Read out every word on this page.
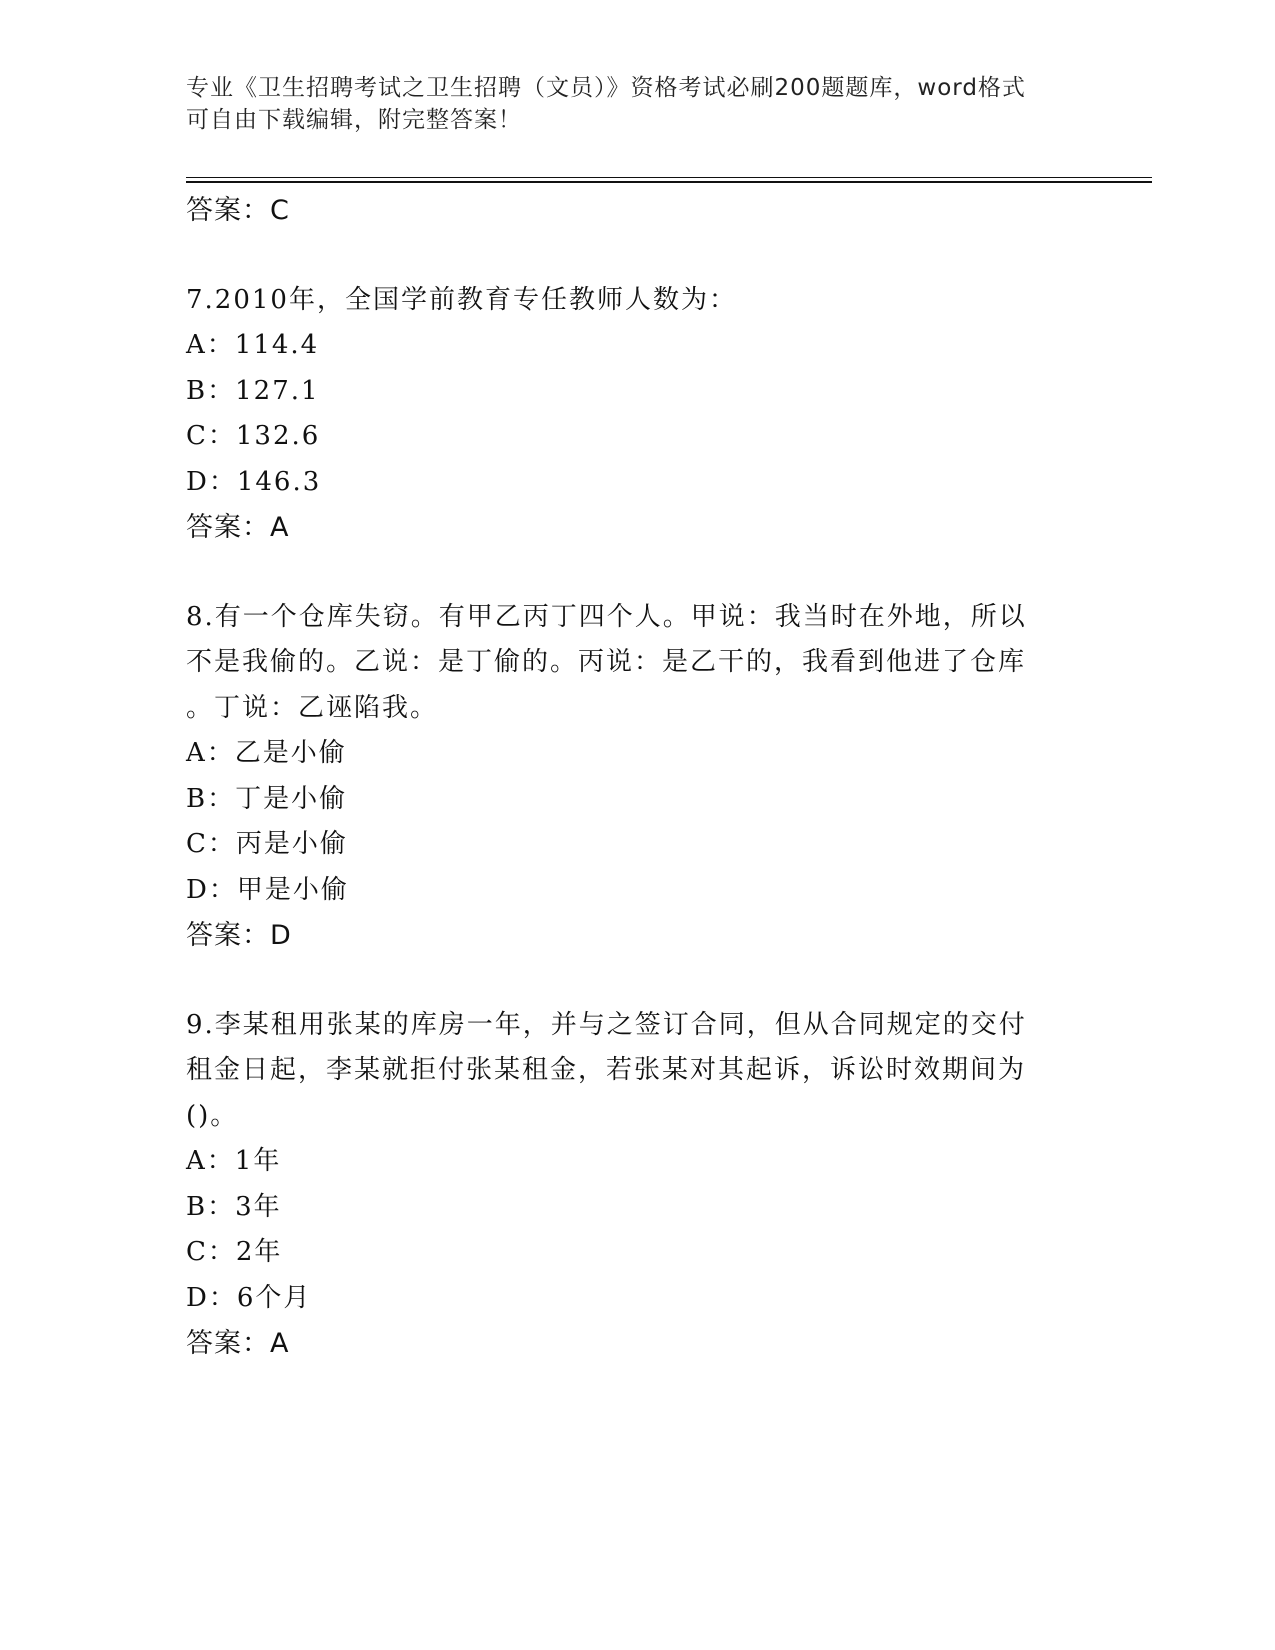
专业《卫生招聘考试之卫生招聘（文员）》资格考试必刷200题题库，word格式
可自由下载编辑，附完整答案！
答案：C
7.2010年，全国学前教育专任教师人数为：
A：114.4
B：127.1
C：132.6
D：146.3
答案：A
8.有一个仓库失窃。有甲乙丙丁四个人。甲说：我当时在外地，所以
不是我偷的。乙说：是丁偷的。丙说：是乙干的，我看到他进了仓库
。丁说：乙诬陷我。
A：乙是小偷
B：丁是小偷
C：丙是小偷
D：甲是小偷
答案：D
9.李某租用张某的库房一年，并与之签订合同，但从合同规定的交付
租金日起，李某就拒付张某租金，若张某对其起诉，诉讼时效期间为
()。
A：1年
B：3年
C：2年
D：6个月
答案：A
